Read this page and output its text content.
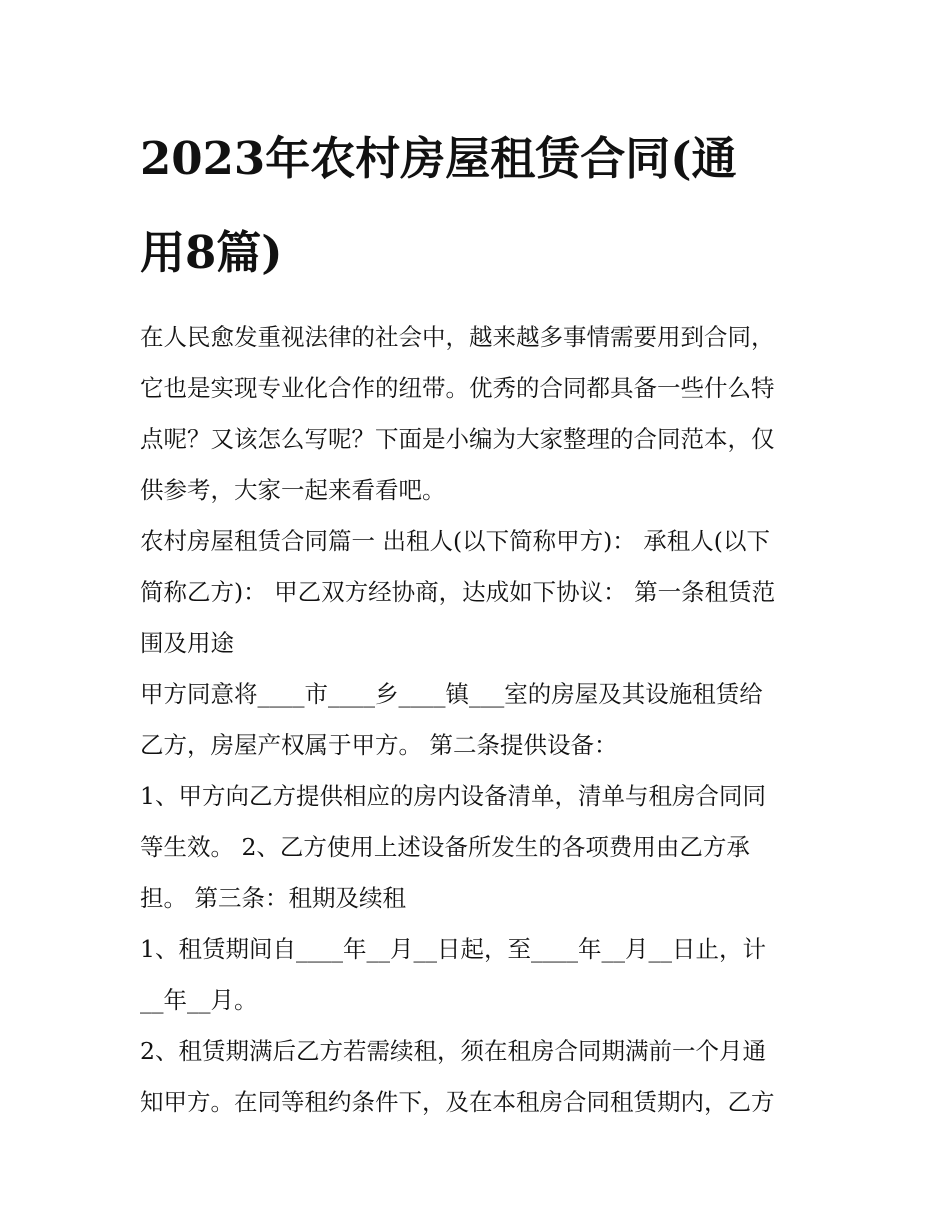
2023年农村房屋租赁合同(通
用8篇)

在人民愈发重视法律的社会中，越来越多事情需要用到合同，
它也是实现专业化合作的纽带。优秀的合同都具备一些什么特
点呢？又该怎么写呢？下面是小编为大家整理的合同范本，仅
供参考，大家一起来看看吧。

农村房屋租赁合同篇一 出租人(以下简称甲方)： 承租人(以下
简称乙方)： 甲乙双方经协商，达成如下协议： 第一条租赁范
围及用途

甲方同意将____市____乡____镇___室的房屋及其设施租赁给
乙方，房屋产权属于甲方。 第二条提供设备：

1、甲方向乙方提供相应的房内设备清单，清单与租房合同同
等生效。 2、乙方使用上述设备所发生的各项费用由乙方承
担。 第三条：租期及续租

1、租赁期间自____年__月__日起，至____年__月__日止，计
__年__月。

2、租赁期满后乙方若需续租，须在租房合同期满前一个月通
知甲方。在同等租约条件下，及在本租房合同租赁期内，乙方
